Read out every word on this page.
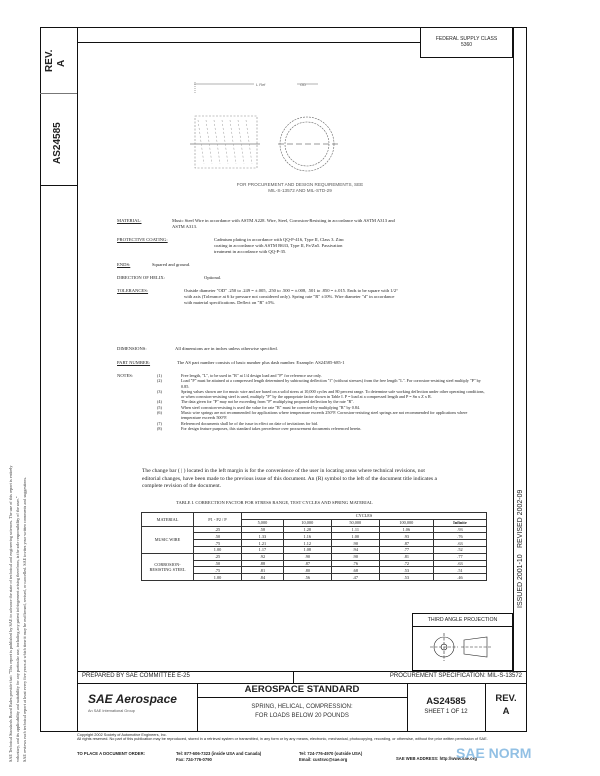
SAE Technical Standards Board Rules provide that: "This report is published by SAE to advance the state of technical and engineering sciences. The use of this report is entirely voluntary, and its applicability and suitability for any particular use, including any patent infringement arising therefrom, is the sole responsibility of the user." SAE reviews each technical report at least every five years at which time it may be reaffirmed, revised, or cancelled. SAE invites your written comments and suggestions.
REV. A
AS24585
ISSUED 2001-10
REVISED 2002-09
FEDERAL SUPPLY CLASS
5360
L Ref	OD
FOR PROCUREMENT AND DESIGN REQUIREMENTS, SEE
MIL-S-13572 AND MIL-STD-29
MATERIAL:	Music Steel Wire in accordance with ASTM A228. Wire, Steel, Corrosion-Resisting in accordance with ASTM A313 and ASTM A313.
PROTECTIVE COATING:	Cadmium plating in accordance with QQ-P-416, Type II, Class 3. Zinc coating in accordance with ASTM B633, Type II, Fe/Zn5. Passivation treatment in accordance with QQ-P-35.
ENDS:	Squared and ground.
DIRECTION OF HELIX:	Optional.
TOLERANCES:	Outside diameter "OD" .250 to .249 = ±.005, .250 to .500 = ±.008, .501 to .850 = ±.015. Ends to be square with 1/2° with axis (Tolerance at 6 kr pressure not considered only). Spring rate "R" ±10%. Wire diameter "d" in accordance with material specifications. Deflect on "R" ±5%.
DIMENSIONS:	All dimensions are in inches unless otherwise specified.
PART NUMBER:	The AS part number consists of basic number plus dash number. Example: AS24585-685-1
NOTES:	(1)	Free length, "L", to be used in "R" at 1/4 design load and "P" for reference use only.
(2)	Load "P" must be attained at a compressed length determined by subtracting deflection "f" (without stresses) from the free length "L". For corrosion-resisting steel multiply "P" by 0.85.
(3)	Spring values shown are for music wire and are based on a solid stress at 10,000 cycles and 80 percent range. To determine safe working deflection under other operating conditions, or when corrosion-resisting steel is used, multiply "P" by the appropriate factor shown in Table I. P = load at a compressed length and P = Sn x Z x R.
(4)	The data given for "P" may not be exceeding from "P" multiplying proposed deflection by the rate "R".
(5)	When steel corrosion-resisting is used the value for rate "R" must be corrected by multiplying "R" by 0.84.
(6)	Music wire springs are not recommended for applications where temperature exceeds 250°F. Corrosion-resisting steel springs are not recommended for applications where temperature exceeds 500°F.
(7)	Referenced documents shall be of the issue in effect on date of invitations for bid.
(8)	For design feature purposes, this standard takes precedence over procurement documents referenced herein.
The change bar ( | ) located in the left margin is for the convenience of the user in locating areas where technical revisions, not editorial changes, have been made to the previous issue of this document. An (R) symbol to the left of the document title indicates a complete revision of the document.
TABLE I. CORRECTION FACTOR FOR STRESS RANGE, TEST CYCLES AND SPRING MATERIAL
MATERIAL	P1 - P2 / P	CYCLES				
		5,000	10,000	50,000	100,000	Infinite
MUSIC WIRE	.25	.58	1.28	1.11	1.06	.93
	.50	1.33	1.16	1.00	.93	.76
	.75	1.21	1.12	.90	.87	.63
	1.00	1.17	1.08	.94	.77	.52
CORROSION-RESISTING STEEL	.25	.92	.90	.90	.81	.77
	.50	.88	.87	.76	.72	.63
	.75	.81	.80	.68	.53	.51
	1.00	.84	.56	.47	.53	.46
THIRD ANGLE PROJECTION
PREPARED BY SAE COMMITTEE E-25	PROCUREMENT SPECIFICATION: MIL-S-13572
SAE Aerospace
An SAE International Group
AEROSPACE STANDARD
SPRING, HELICAL, COMPRESSION:
FOR LOADS BELOW 20 POUNDS
AS24585
SHEET 1 OF 12
REV.
A
Copyright 2002 Society of Automotive Engineers, Inc.
All rights reserved. No part of this publication may be reproduced, stored in a retrieval system or transmitted, in any form or by any means, electronic, mechanical, photocopying, recording, or otherwise, without the prior written permission of SAE.
TO PLACE A DOCUMENT ORDER:	Tel: 877-606-7323 (inside USA and Canada)
Fax: 724-776-0790
Tel: 724-776-4970 (outside USA)
Email: custsvc@sae.org	SAE WEB ADDRESS: http://www.sae.org
SAE NORM
